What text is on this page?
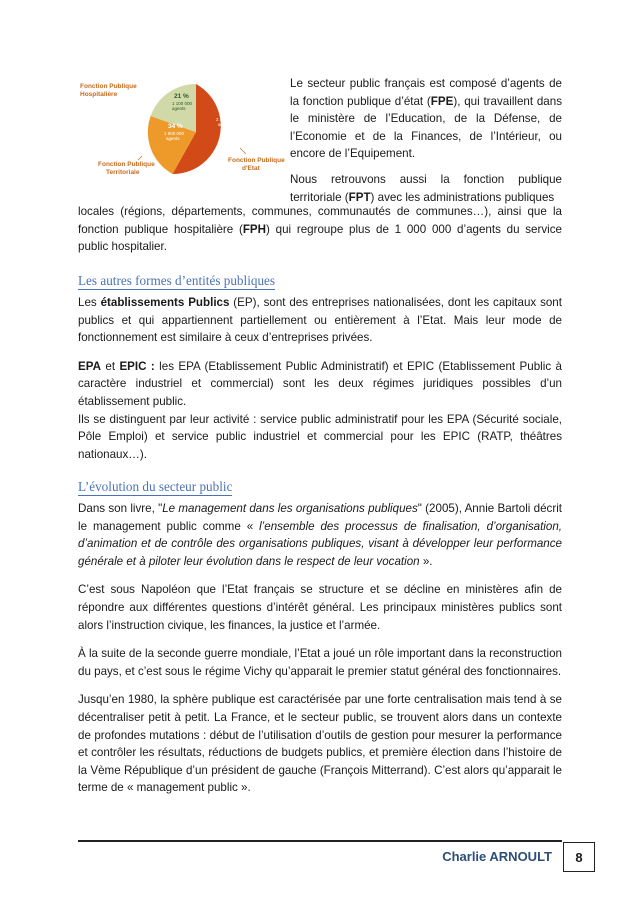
Fonction Publique
Hospitalière	21 %
1 100 000
agents
45 %
2 400 000
agents
34 %
1 800 000
agents
Fonction Publique
Territoriale
Fonction Publique
d'Etat

Le secteur public français est composé d’agents de la fonction publique d’état (FPE), qui travaillent dans le ministère de l’Education, de la Défense, de l’Economie et de la Finances, de l’Intérieur, ou encore de l’Equipement.

Nous retrouvons aussi la fonction publique territoriale (FPT) avec les administrations publiques

locales (régions, départements, communes, communautés de communes…), ainsi que la fonction publique hospitalière (FPH) qui regroupe plus de 1 000 000 d’agents du service public hospitalier.

Les autres formes d’entités publiques

Les établissements Publics (EP), sont des entreprises nationalisées, dont les capitaux sont publics et qui appartiennent partiellement ou entièrement à l’Etat. Mais leur mode de fonctionnement est similaire à ceux d’entreprises privées.

EPA et EPIC : les EPA (Etablissement Public Administratif) et EPIC (Etablissement Public à caractère industriel et commercial) sont les deux régimes juridiques possibles d’un établissement public.

Ils se distinguent par leur activité : service public administratif pour les EPA (Sécurité sociale, Pôle Emploi) et service public industriel et commercial pour les EPIC (RATP, théâtres nationaux…).

L’évolution du secteur public

Dans son livre, "Le management dans les organisations publiques" (2005), Annie Bartoli décrit le management public comme « l’ensemble des processus de finalisation, d’organisation, d’animation et de contrôle des organisations publiques, visant à développer leur performance générale et à piloter leur évolution dans le respect de leur vocation ».

C’est sous Napoléon que l’Etat français se structure et se décline en ministères afin de répondre aux différentes questions d’intérêt général. Les principaux ministères publics sont alors l’instruction civique, les finances, la justice et l’armée.

À la suite de la seconde guerre mondiale, l’Etat a joué un rôle important dans la reconstruction du pays, et c’est sous le régime Vichy qu’apparait le premier statut général des fonctionnaires.

Jusqu’en 1980, la sphère publique est caractérisée par une forte centralisation mais tend à se décentraliser petit à petit. La France, et le secteur public, se trouvent alors dans un contexte de profondes mutations : début de l’utilisation d’outils de gestion pour mesurer la performance et contrôler les résultats, réductions de budgets publics, et première élection dans l’histoire de la Vème République d’un président de gauche (François Mitterrand). C’est alors qu’apparait le terme de « management public ».

Charlie ARNOULT	8
